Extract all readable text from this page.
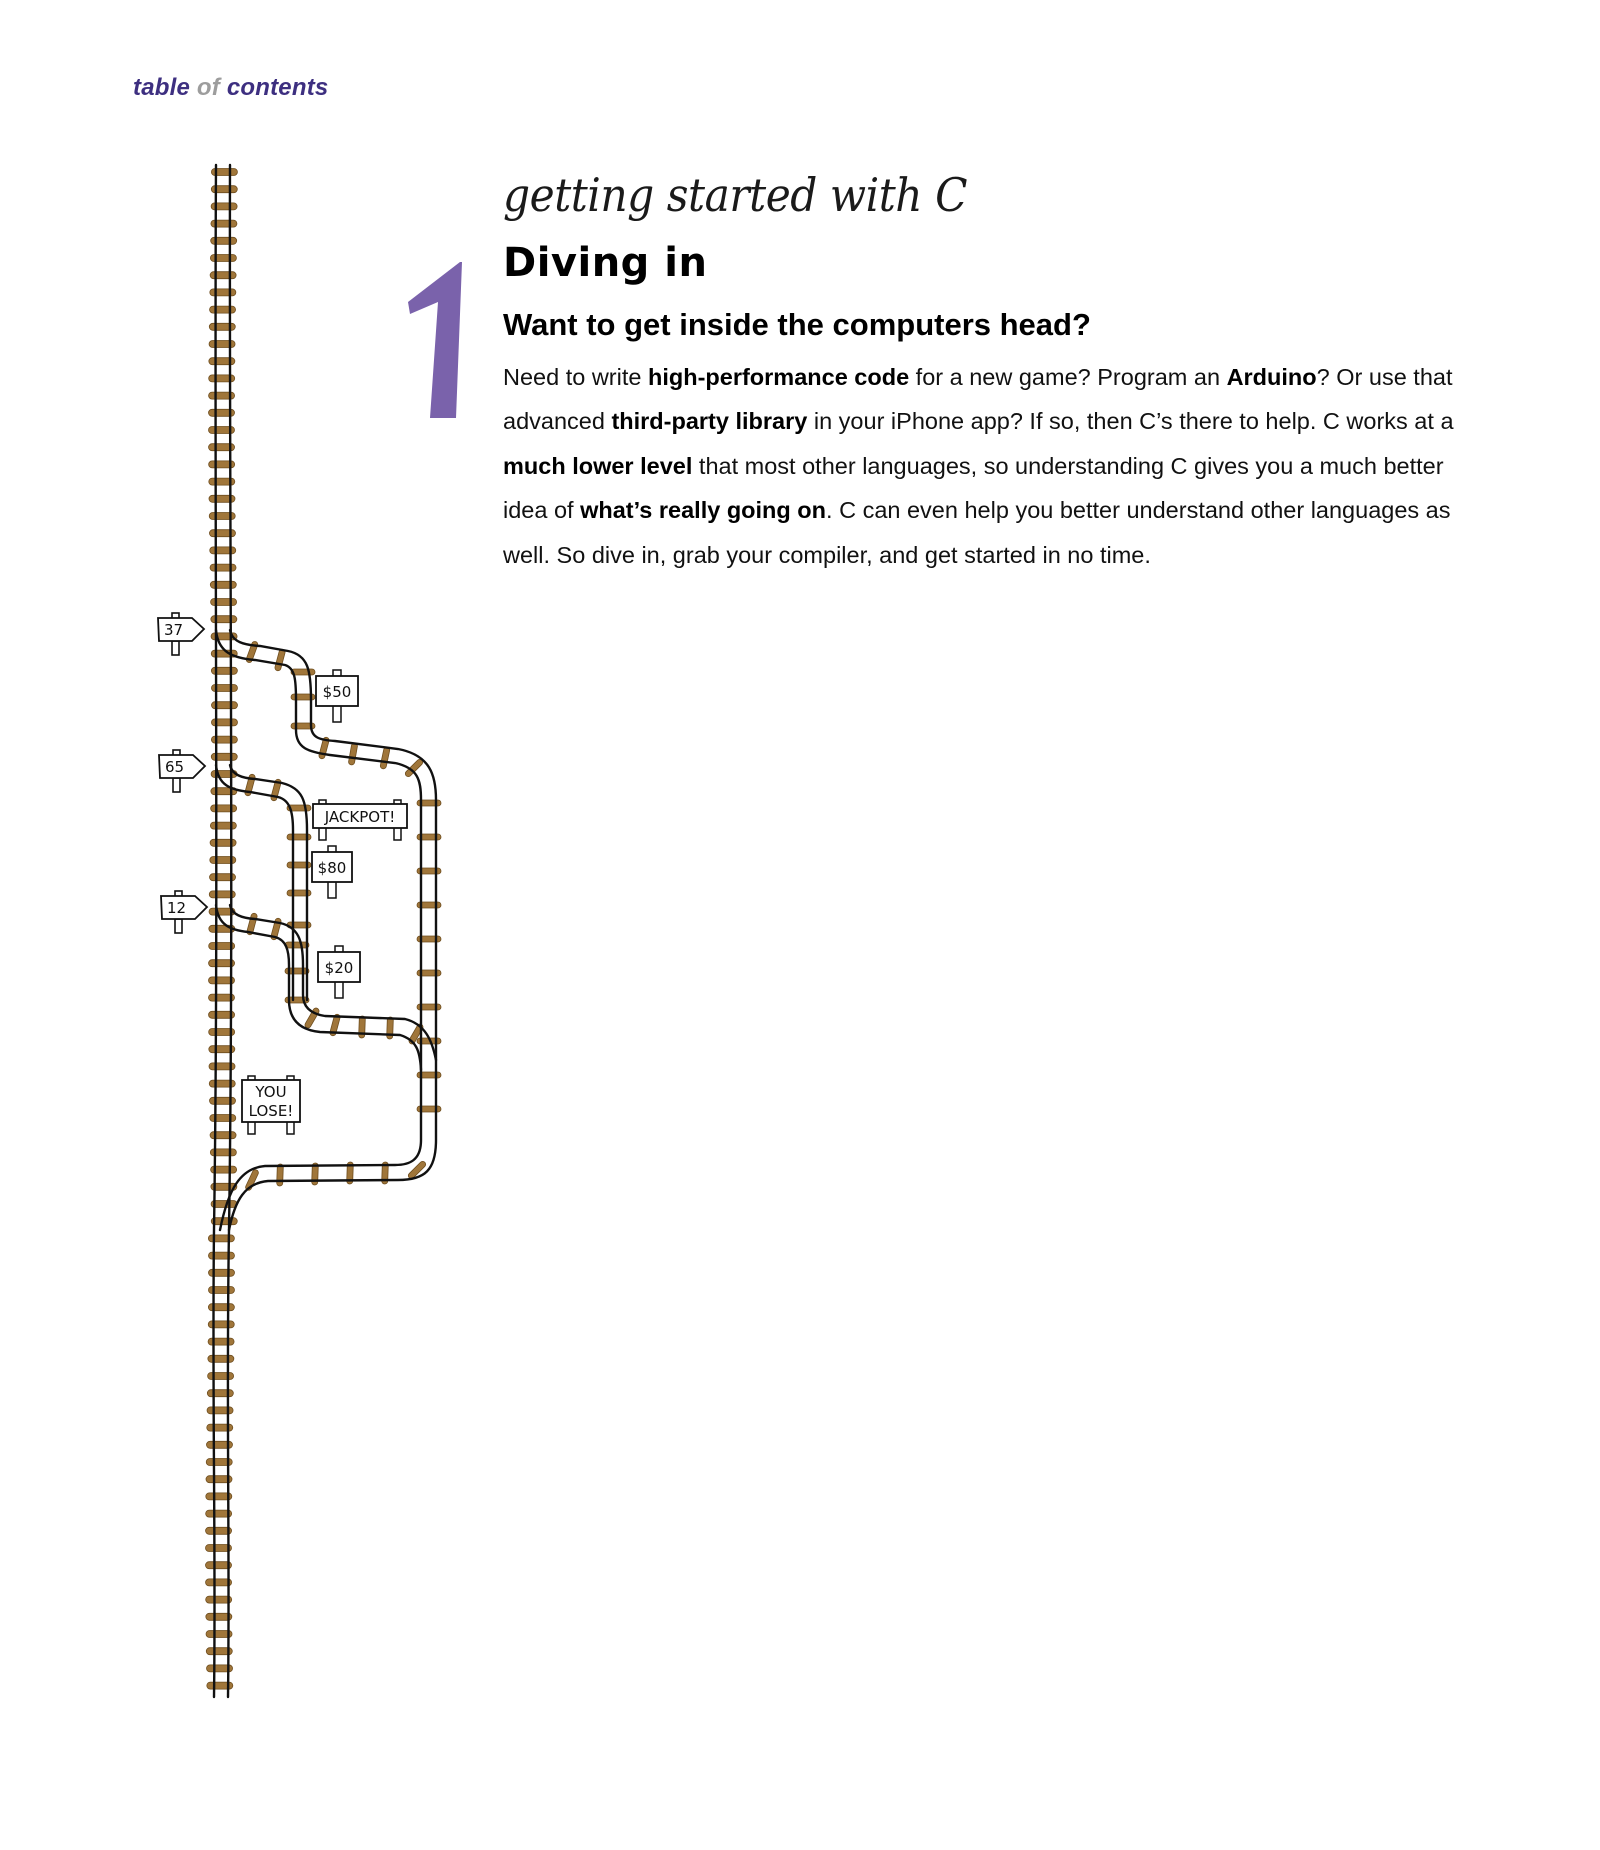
table of contents
getting started with C
Diving in
Want to get inside the computers head?
Need to write high-performance code for a new game? Program an Arduino? Or use that advanced third-party library in your iPhone app? If so, then C’s there to help. C works at a much lower level that most other languages, so understanding C gives you a much better idea of what’s really going on. C can even help you better understand other languages as well. So dive in, grab your compiler, and get started in no time.
37
65
12
$50
JACKPOT!
$80
$20
YOU
LOSE!
